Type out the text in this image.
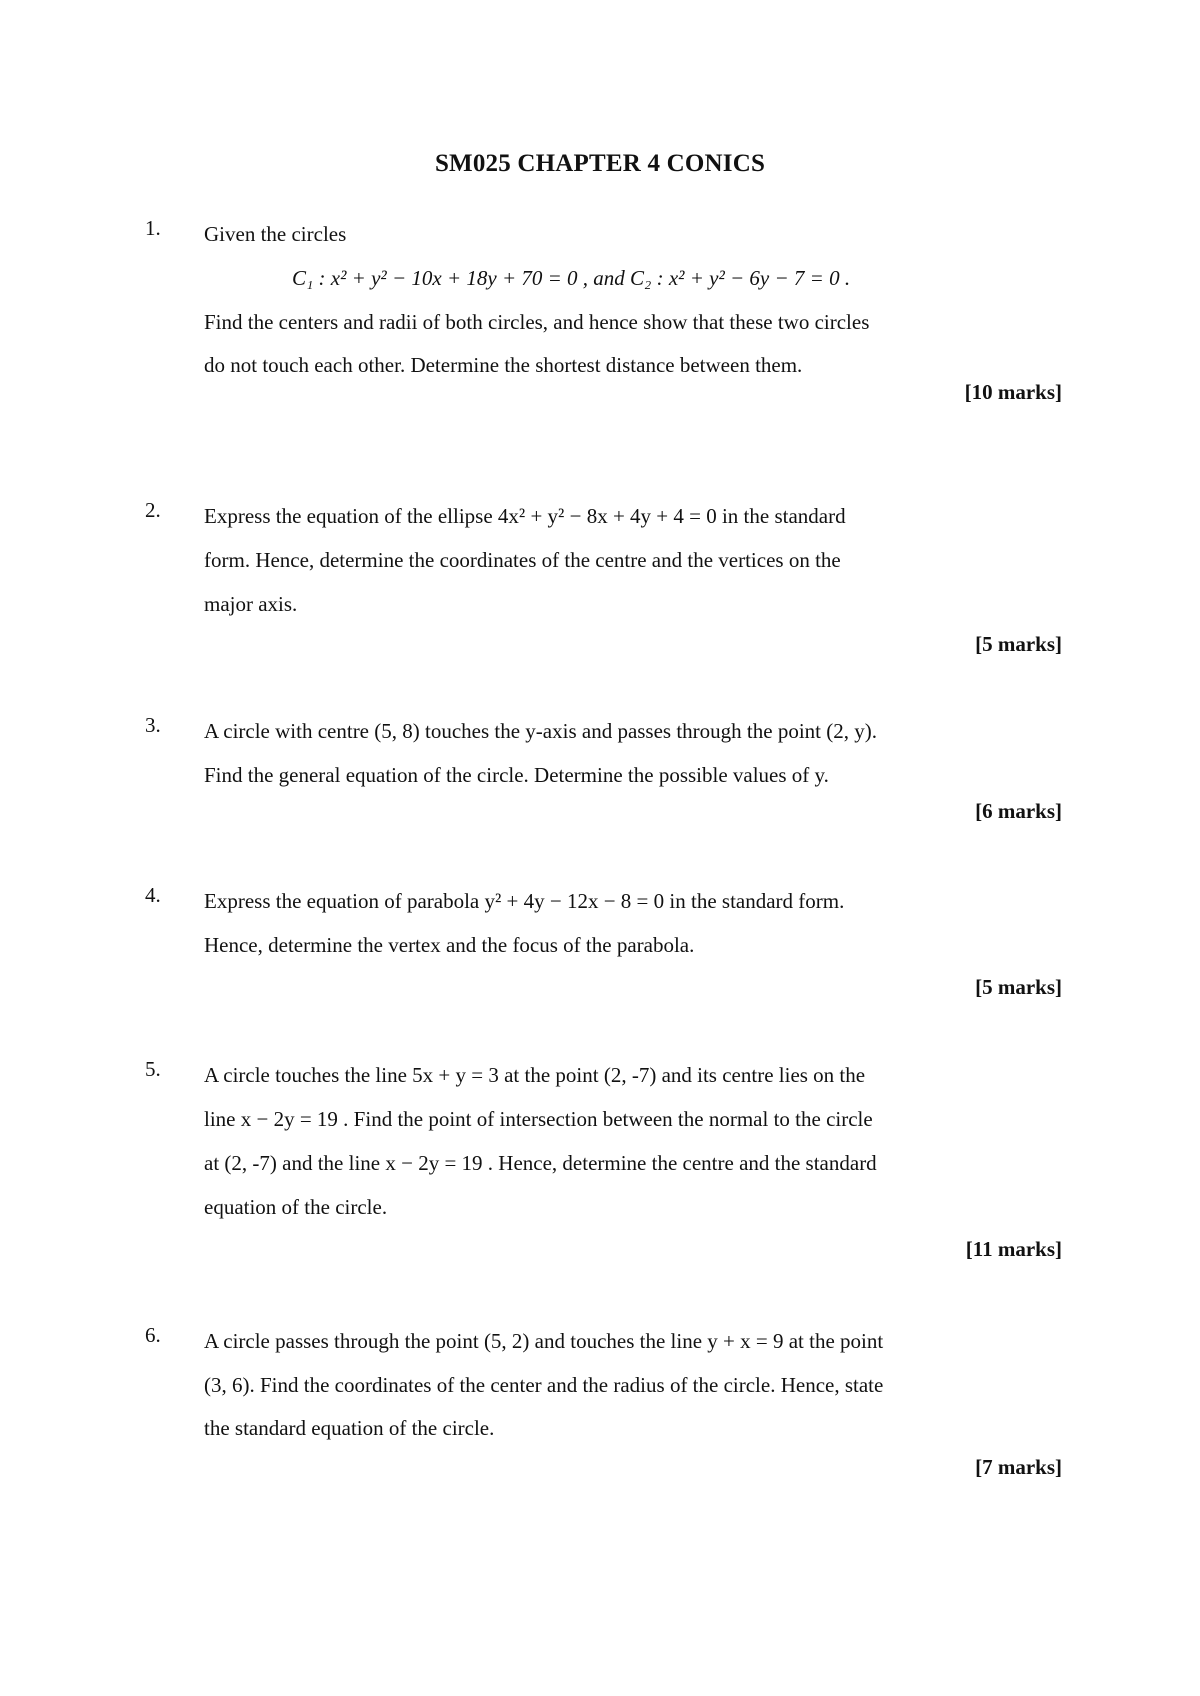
SM025 CHAPTER 4 CONICS
1. Given the circles
C₁ : x² + y² − 10x + 18y + 70 = 0 , and C₂ : x² + y² − 6y − 7 = 0 .
Find the centers and radii of both circles, and hence show that these two circles
do not touch each other. Determine the shortest distance between them.
[10 marks]
2. Express the equation of the ellipse 4x² + y² − 8x + 4y + 4 = 0 in the standard
form. Hence, determine the coordinates of the centre and the vertices on the
major axis.
[5 marks]
3. A circle with centre (5, 8) touches the y-axis and passes through the point (2, y).
Find the general equation of the circle. Determine the possible values of y.
[6 marks]
4. Express the equation of parabola y² + 4y − 12x − 8 = 0 in the standard form.
Hence, determine the vertex and the focus of the parabola.
[5 marks]
5. A circle touches the line 5x + y = 3 at the point (2, -7) and its centre lies on the
line x − 2y = 19 . Find the point of intersection between the normal to the circle
at (2, -7) and the line x − 2y = 19 . Hence, determine the centre and the standard
equation of the circle.
[11 marks]
6. A circle passes through the point (5, 2) and touches the line y + x = 9 at the point
(3, 6). Find the coordinates of the center and the radius of the circle. Hence, state
the standard equation of the circle.
[7 marks]
